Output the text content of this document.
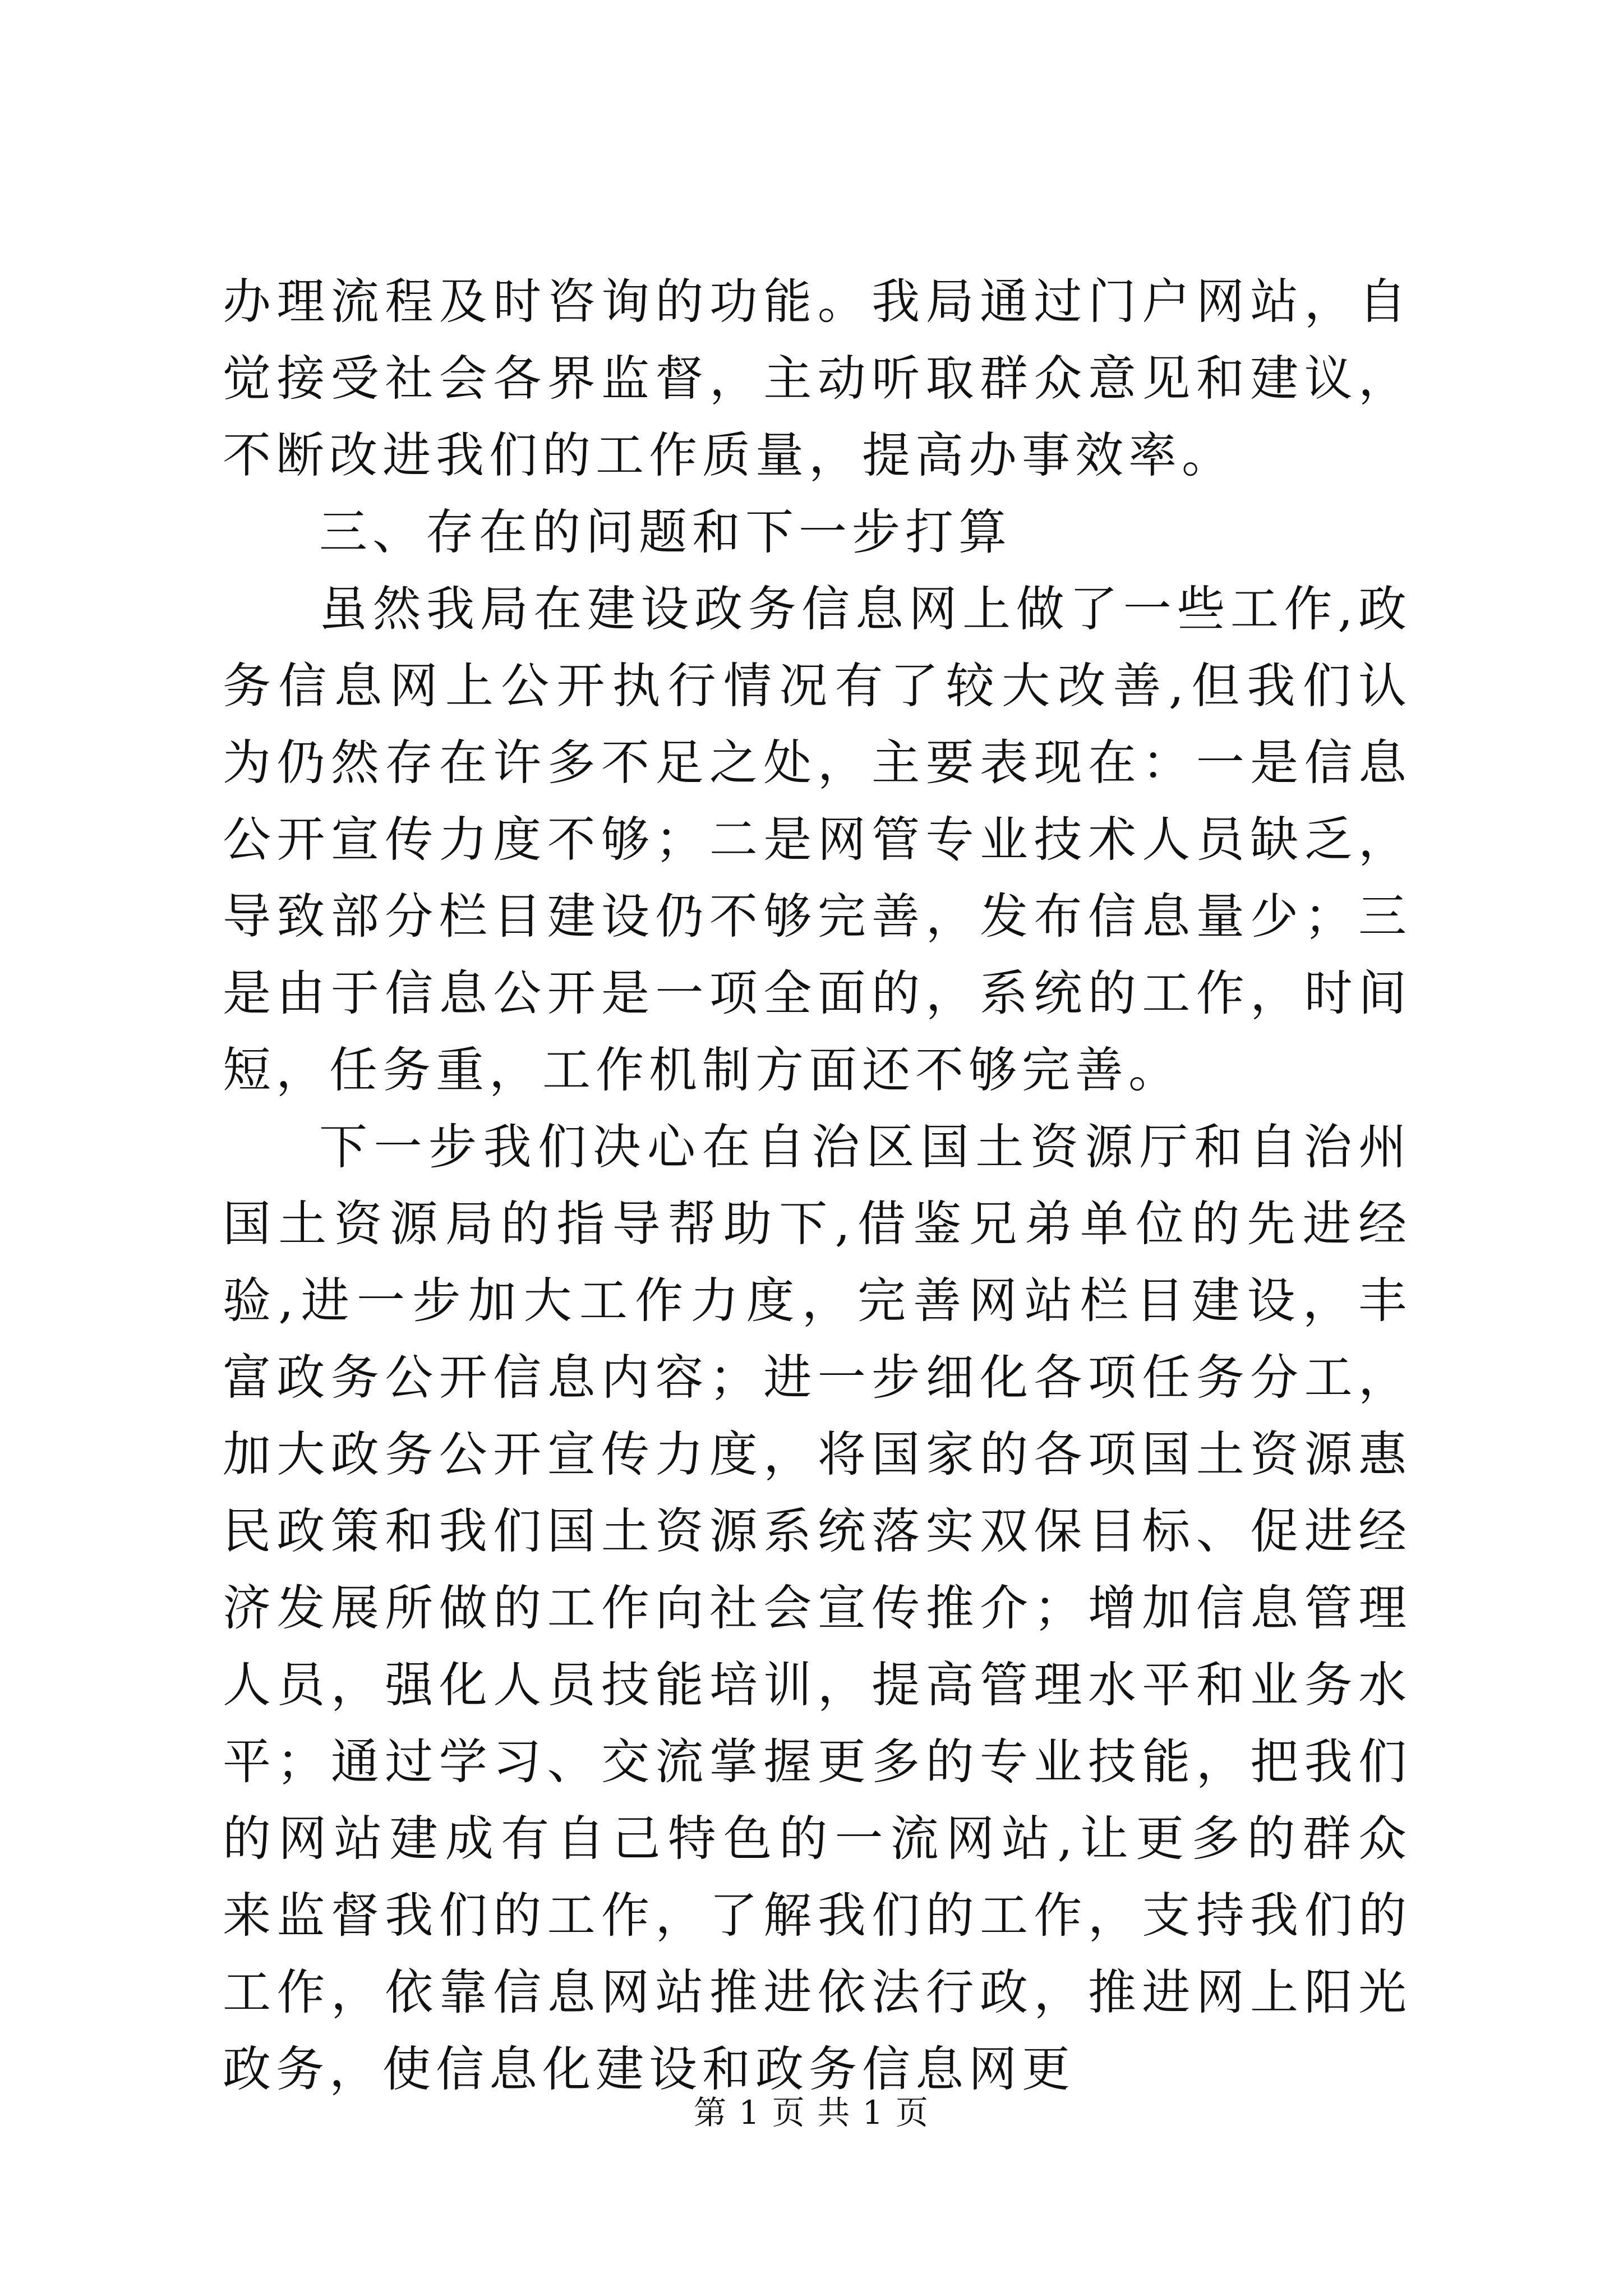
办理流程及时咨询的功能。我局通过门户网站，自觉接受社会各界监督，主动听取群众意见和建议，不断改进我们的工作质量，提高办事效率。

三、存在的问题和下一步打算

虽然我局在建设政务信息网上做了一些工作,政务信息网上公开执行情况有了较大改善,但我们认为仍然存在许多不足之处，主要表现在：一是信息公开宣传力度不够；二是网管专业技术人员缺乏，导致部分栏目建设仍不够完善，发布信息量少；三是由于信息公开是一项全面的，系统的工作，时间短，任务重，工作机制方面还不够完善。

下一步我们决心在自治区国土资源厅和自治州国土资源局的指导帮助下,借鉴兄弟单位的先进经验,进一步加大工作力度，完善网站栏目建设，丰富政务公开信息内容；进一步细化各项任务分工，加大政务公开宣传力度，将国家的各项国土资源惠民政策和我们国土资源系统落实双保目标、促进经济发展所做的工作向社会宣传推介；增加信息管理人员，强化人员技能培训，提高管理水平和业务水平；通过学习、交流掌握更多的专业技能，把我们的网站建成有自己特色的一流网站,让更多的群众来监督我们的工作，了解我们的工作，支持我们的工作，依靠信息网站推进依法行政，推进网上阳光政务，使信息化建设和政务信息网更

第 1 页 共 1 页
